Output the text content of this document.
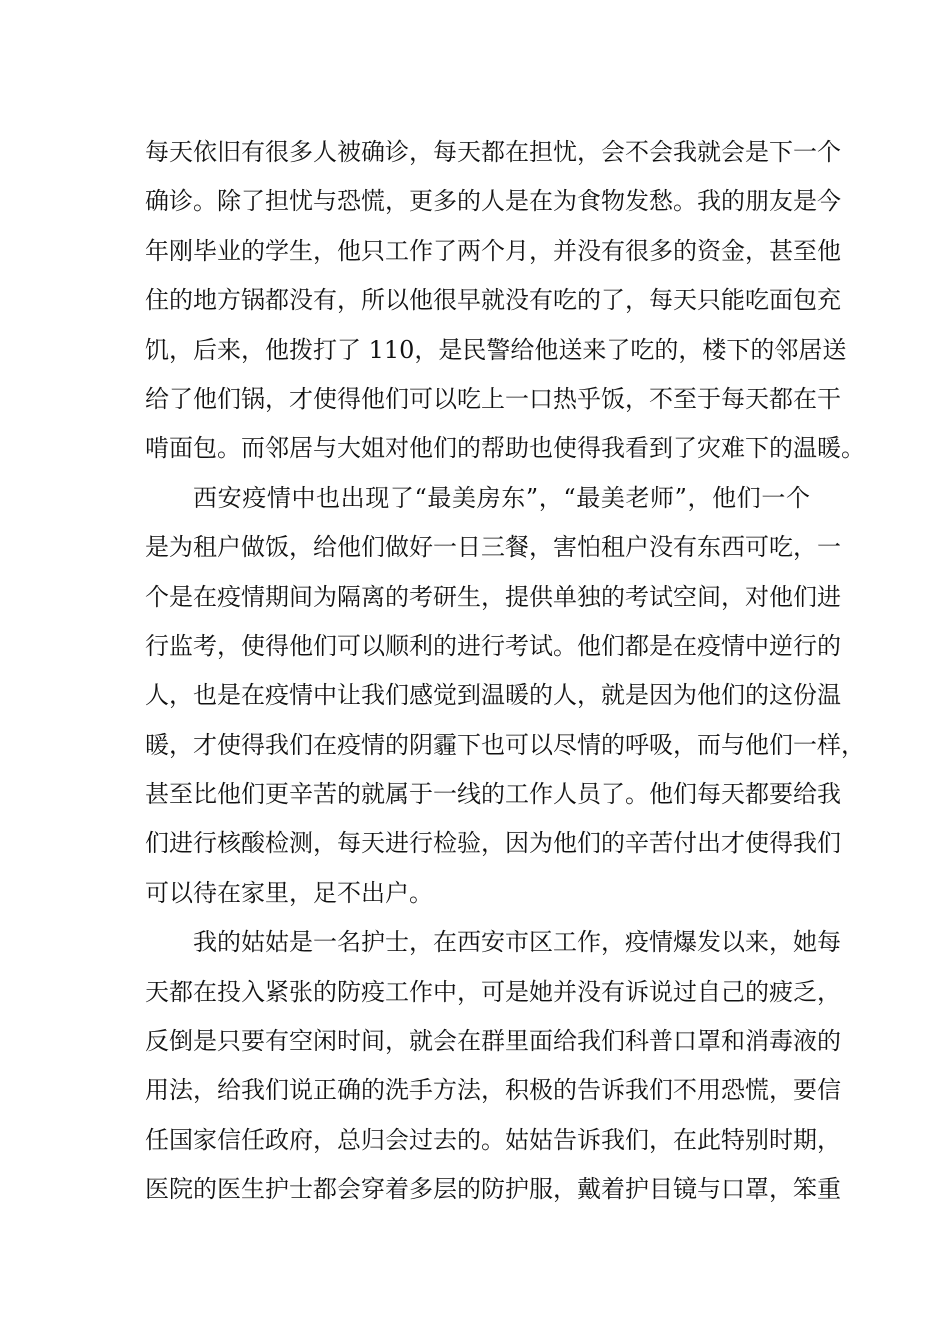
每天依旧有很多人被确诊，每天都在担忧，会不会我就会是下一个
确诊。除了担忧与恐慌，更多的人是在为食物发愁。我的朋友是今
年刚毕业的学生，他只工作了两个月，并没有很多的资金，甚至他
住的地方锅都没有，所以他很早就没有吃的了，每天只能吃面包充
饥，后来，他拨打了 110，是民警给他送来了吃的，楼下的邻居送
给了他们锅，才使得他们可以吃上一口热乎饭，不至于每天都在干
啃面包。而邻居与大姐对他们的帮助也使得我看到了灾难下的温暖。
西安疫情中也出现了“最美房东”，“最美老师”，他们一个
是为租户做饭，给他们做好一日三餐，害怕租户没有东西可吃，一
个是在疫情期间为隔离的考研生，提供单独的考试空间，对他们进
行监考，使得他们可以顺利的进行考试。他们都是在疫情中逆行的
人，也是在疫情中让我们感觉到温暖的人，就是因为他们的这份温
暖，才使得我们在疫情的阴霾下也可以尽情的呼吸，而与他们一样，
甚至比他们更辛苦的就属于一线的工作人员了。他们每天都要给我
们进行核酸检测，每天进行检验，因为他们的辛苦付出才使得我们
可以待在家里，足不出户。
我的姑姑是一名护士，在西安市区工作，疫情爆发以来，她每
天都在投入紧张的防疫工作中，可是她并没有诉说过自己的疲乏，
反倒是只要有空闲时间，就会在群里面给我们科普口罩和消毒液的
用法，给我们说正确的洗手方法，积极的告诉我们不用恐慌，要信
任国家信任政府，总归会过去的。姑姑告诉我们，在此特别时期，
医院的医生护士都会穿着多层的防护服，戴着护目镜与口罩，笨重
